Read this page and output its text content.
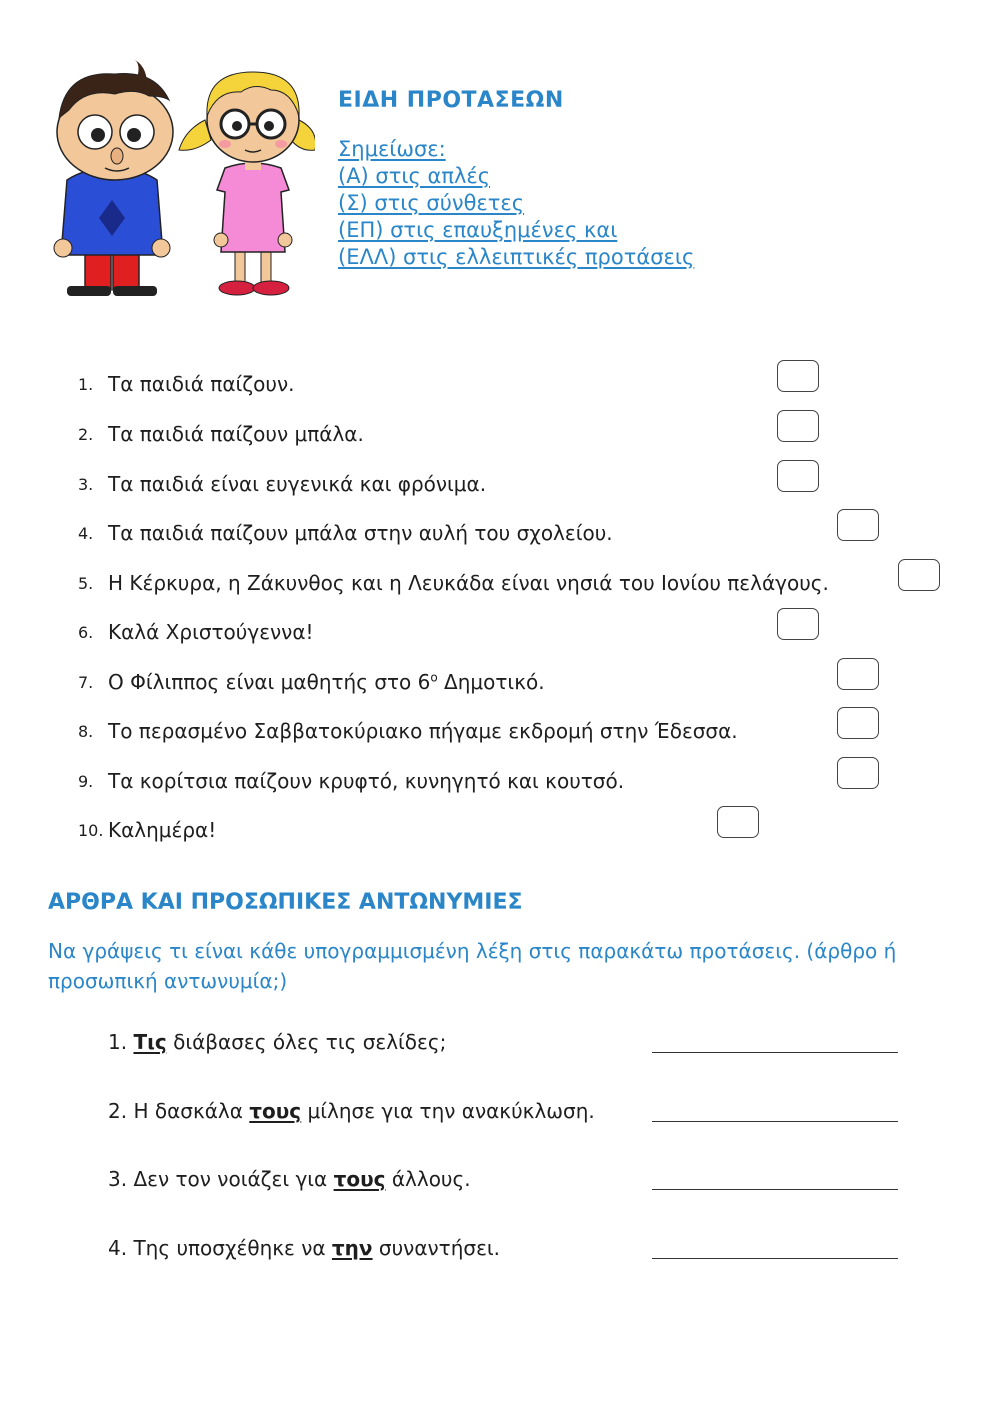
ΕΙΔΗ ΠΡΟΤΑΣΕΩΝ
Σημείωσε:
(Α) στις απλές
(Σ) στις σύνθετες
(ΕΠ) στις επαυξημένες και
(ΕΛΛ) στις ελλειπτικές προτάσεις
1. Τα παιδιά παίζουν.
2. Τα παιδιά παίζουν μπάλα.
3. Τα παιδιά είναι ευγενικά και φρόνιμα.
4. Τα παιδιά παίζουν μπάλα στην αυλή του σχολείου.
5. Η Κέρκυρα, η Ζάκυνθος και η Λευκάδα είναι νησιά του Ιονίου πελάγους.
6. Καλά Χριστούγεννα!
7. Ο Φίλιππος είναι μαθητής στο $6^o$ Δημοτικό.
8. Το περασμένο Σαββατοκύριακο πήγαμε εκδρομή στην Έδεσσα.
9. Τα κορίτσια παίζουν κρυφτό, κυνηγητό και κουτσό.
10. Καλημέρα!
ΑΡΘΡΑ ΚΑΙ ΠΡΟΣΩΠΙΚΕΣ ΑΝΤΩΝΥΜΙΕΣ
Να γράψεις τι είναι κάθε υπογραμμισμένη λέξη στις παρακάτω προτάσεις. (άρθρο ή προσωπική αντωνυμία;)
1. Τις διάβασες όλες τις σελίδες;
2. Η δασκάλα τους μίλησε για την ανακύκλωση.
3. Δεν τον νοιάζει για τους άλλους.
4. Της υποσχέθηκε να την συναντήσει.
